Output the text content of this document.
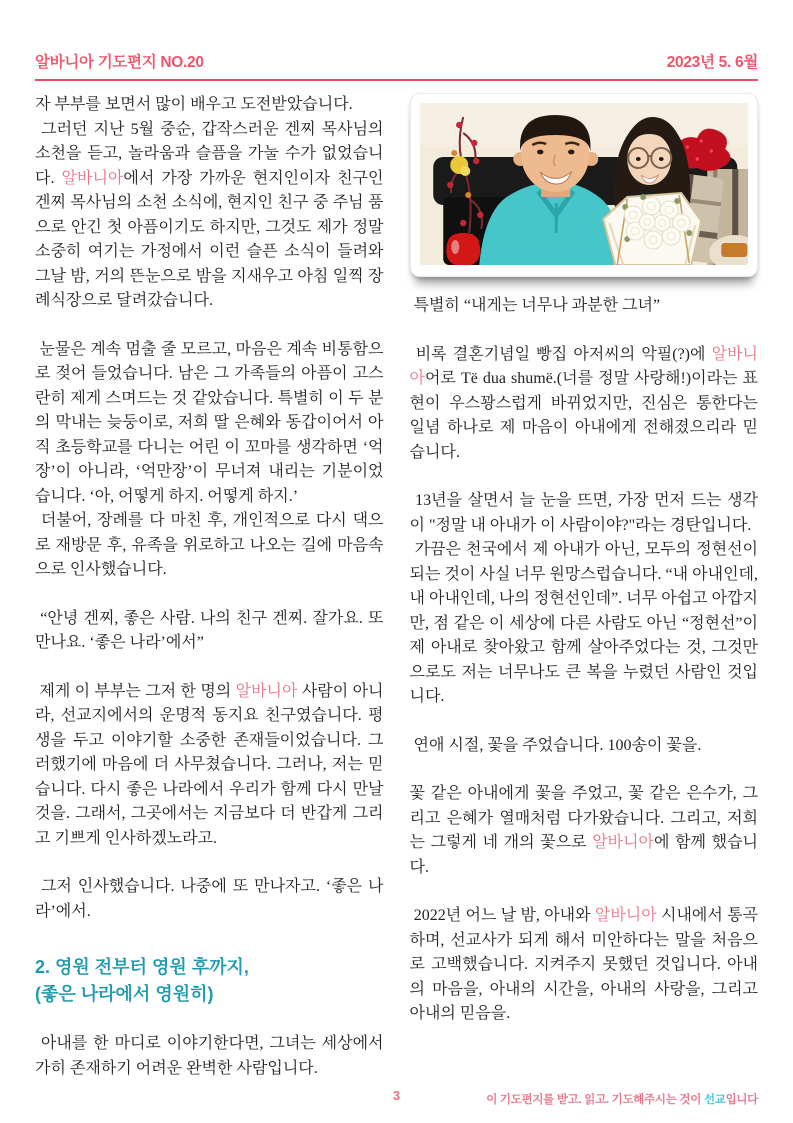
알바니아 기도편지 NO.20	2023년 5. 6월

자 부부를 보면서 많이 배우고 도전받았습니다.

그러던 지난 5월 중순, 갑작스러운 겐찌 목사님의 소천을 듣고, 놀라움과 슬픔을 가눌 수가 없었습니다. 알바니아에서 가장 가까운 현지인이자 친구인 겐찌 목사님의 소천 소식에, 현지인 친구 중 주님 품으로 안긴 첫 아픔이기도 하지만, 그것도 제가 정말 소중히 여기는 가정에서 이런 슬픈 소식이 들려와 그날 밤, 거의 뜬눈으로 밤을 지새우고 아침 일찍 장례식장으로 달려갔습니다.

눈물은 계속 멈출 줄 모르고, 마음은 계속 비통함으로 젖어 들었습니다. 남은 그 가족들의 아픔이 고스란히 제게 스며드는 것 같았습니다. 특별히 이 두 분의 막내는 늦둥이로, 저희 딸 은혜와 동갑이어서 아직 초등학교를 다니는 어린 이 꼬마를 생각하면 ‘억장’이 아니라, ‘억만장’이 무너져 내리는 기분이었습니다. ‘아, 어떻게 하지. 어떻게 하지.’

더불어, 장례를 다 마친 후, 개인적으로 다시 댁으로 재방문 후, 유족을 위로하고 나오는 길에 마음속으로 인사했습니다.

“안녕 겐찌, 좋은 사람. 나의 친구 겐찌. 잘가요. 또 만나요. ‘좋은 나라’에서”

제게 이 부부는 그저 한 명의 알바니아 사람이 아니라, 선교지에서의 운명적 동지요 친구였습니다. 평생을 두고 이야기할 소중한 존재들이었습니다. 그러했기에 마음에 더 사무쳤습니다. 그러나, 저는 믿습니다. 다시 좋은 나라에서 우리가 함께 다시 만날 것을. 그래서, 그곳에서는 지금보다 더 반갑게 그리고 기쁘게 인사하겠노라고.

그저 인사했습니다. 나중에 또 만나자고. ‘좋은 나라’에서.

2. 영원 전부터 영원 후까지,
(좋은 나라에서 영원히)

아내를 한 마디로 이야기한다면, 그녀는 세상에서 가히 존재하기 어려운 완벽한 사람입니다.

특별히 “내게는 너무나 과분한 그녀”

비록 결혼기념일 빵집 아저씨의 악필(?)에 알바니아어로 Të dua shumë.(너를 정말 사랑해!)이라는 표현이 우스꽝스럽게 바뀌었지만, 진심은 통한다는 일념 하나로 제 마음이 아내에게 전해졌으리라 믿습니다.

13년을 살면서 늘 눈을 뜨면, 가장 먼저 드는 생각이 "정말 내 아내가 이 사람이야?"라는 경탄입니다.

가끔은 천국에서 제 아내가 아닌, 모두의 정현선이 되는 것이 사실 너무 원망스럽습니다. “내 아내인데, 내 아내인데, 나의 정현선인데”. 너무 아쉽고 아깝지만, 점 같은 이 세상에 다른 사람도 아닌 “정현선”이 제 아내로 찾아왔고 함께 살아주었다는 것, 그것만으로도 저는 너무나도 큰 복을 누렸던 사람인 것입니다.

연애 시절, 꽃을 주었습니다. 100송이 꽃을.

꽃 같은 아내에게 꽃을 주었고, 꽃 같은 은수가, 그리고 은혜가 열매처럼 다가왔습니다. 그리고, 저희는 그렇게 네 개의 꽃으로 알바니아에 함께 했습니다.

2022년 어느 날 밤, 아내와 알바니아 시내에서 통곡하며, 선교사가 되게 해서 미안하다는 말을 처음으로 고백했습니다. 지켜주지 못했던 것입니다. 아내의 마음을, 아내의 시간을, 아내의 사랑을, 그리고 아내의 믿음을.

3	이 기도편지를 받고. 읽고. 기도해주시는 것이 선교입니다
